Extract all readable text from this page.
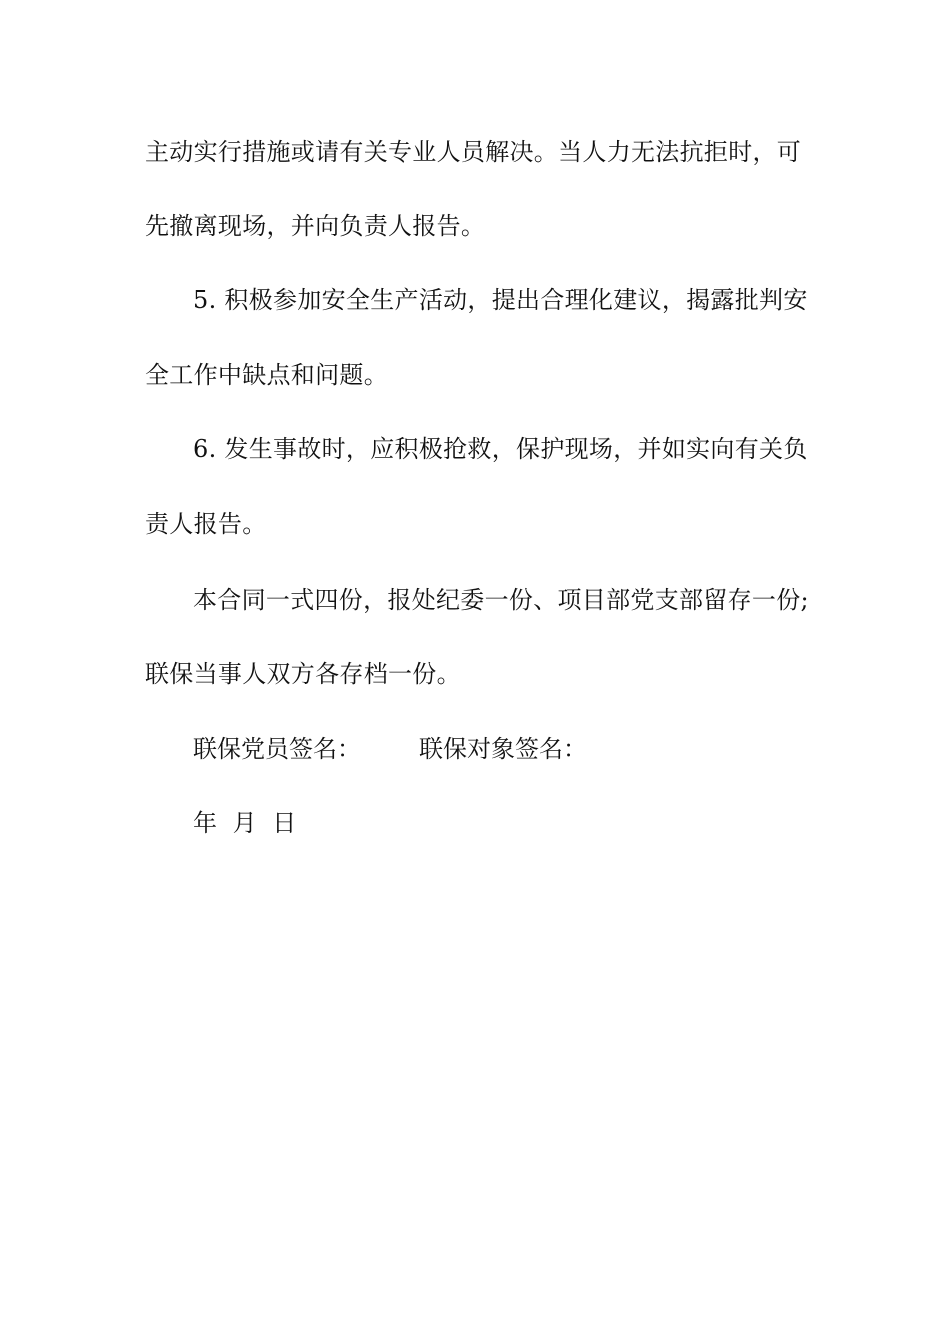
主动实行措施或请有关专业人员解决。当人力无法抗拒时，可
先撤离现场，并向负责人报告。
5. 积极参加安全生产活动，提出合理化建议，揭露批判安
全工作中缺点和问题。
6. 发生事故时，应积极抢救，保护现场，并如实向有关负
责人报告。
本合同一式四份，报处纪委一份、项目部党支部留存一份;
联保当事人双方各存档一份。
联保党员签名： 联保对象签名：
年 月 日
